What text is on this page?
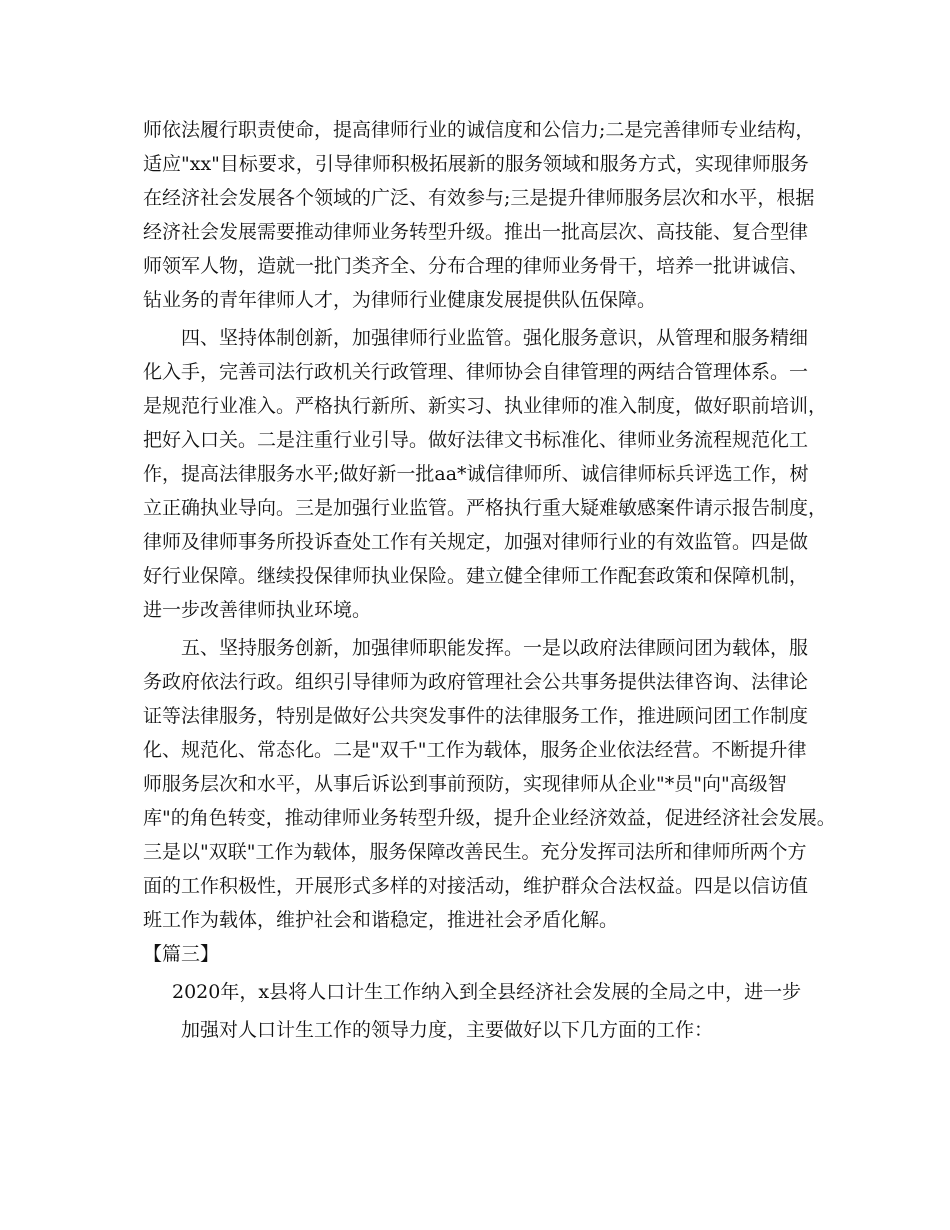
师依法履行职责使命，提高律师行业的诚信度和公信力;二是完善律师专业结构，
适应"xx"目标要求，引导律师积极拓展新的服务领域和服务方式，实现律师服务
在经济社会发展各个领域的广泛、有效参与;三是提升律师服务层次和水平，根据
经济社会发展需要推动律师业务转型升级。推出一批高层次、高技能、复合型律
师领军人物，造就一批门类齐全、分布合理的律师业务骨干，培养一批讲诚信、
钻业务的青年律师人才，为律师行业健康发展提供队伍保障。
四、坚持体制创新，加强律师行业监管。强化服务意识，从管理和服务精细
化入手，完善司法行政机关行政管理、律师协会自律管理的两结合管理体系。一
是规范行业准入。严格执行新所、新实习、执业律师的准入制度，做好职前培训，
把好入口关。二是注重行业引导。做好法律文书标准化、律师业务流程规范化工
作，提高法律服务水平;做好新一批aa*诚信律师所、诚信律师标兵评选工作，树
立正确执业导向。三是加强行业监管。严格执行重大疑难敏感案件请示报告制度，
律师及律师事务所投诉查处工作有关规定，加强对律师行业的有效监管。四是做
好行业保障。继续投保律师执业保险。建立健全律师工作配套政策和保障机制，
进一步改善律师执业环境。
五、坚持服务创新，加强律师职能发挥。一是以政府法律顾问团为载体，服
务政府依法行政。组织引导律师为政府管理社会公共事务提供法律咨询、法律论
证等法律服务，特别是做好公共突发事件的法律服务工作，推进顾问团工作制度
化、规范化、常态化。二是"双千"工作为载体，服务企业依法经营。不断提升律
师服务层次和水平，从事后诉讼到事前预防，实现律师从企业"*员"向"高级智
库"的角色转变，推动律师业务转型升级，提升企业经济效益，促进经济社会发展。
三是以"双联"工作为载体，服务保障改善民生。充分发挥司法所和律师所两个方
面的工作积极性，开展形式多样的对接活动，维护群众合法权益。四是以信访值
班工作为载体，维护社会和谐稳定，推进社会矛盾化解。
【篇三】
2020年，x县将人口计生工作纳入到全县经济社会发展的全局之中，进一步
加强对人口计生工作的领导力度，主要做好以下几方面的工作：
